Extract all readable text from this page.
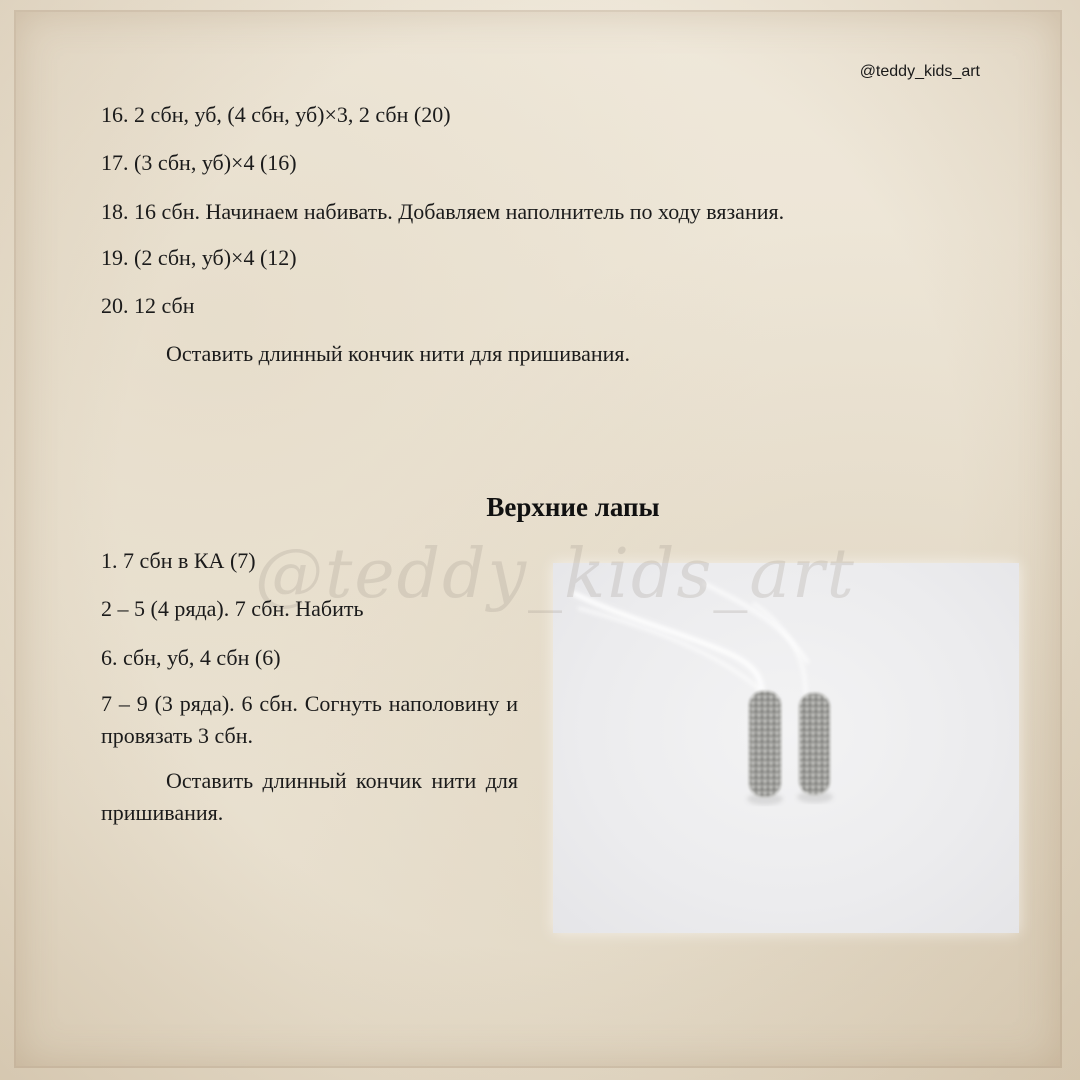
@teddy_kids_art
16. 2 сбн, уб, (4 сбн, уб)×3, 2 сбн (20)
17. (3 сбн, уб)×4 (16)
18. 16 сбн. Начинаем набивать. Добавляем наполнитель по ходу вязания.
19. (2 сбн, уб)×4 (12)
20. 12 сбн
Оставить длинный кончик нити для пришивания.
Верхние лапы
@teddy_kids_art
1. 7 сбн в КА (7)
2 – 5 (4 ряда). 7 сбн. Набить
6. сбн, уб, 4 сбн (6)
7 – 9 (3 ряда). 6 сбн. Согнуть наполовину и провязать 3 сбн.
Оставить длинный кончик нити для пришивания.
